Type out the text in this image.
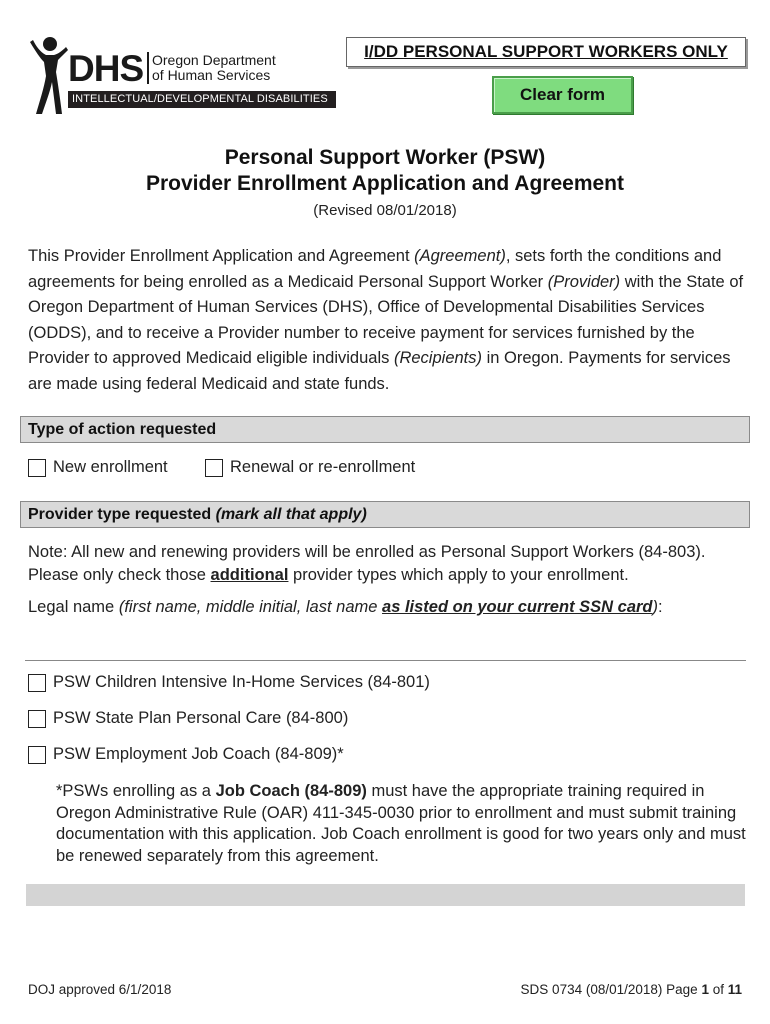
DHS Oregon Department
of Human Services
INTELLECTUAL/DEVELOPMENTAL DISABILITIES
I/DD PERSONAL SUPPORT WORKERS ONLY
Clear form
Personal Support Worker (PSW)
Provider Enrollment Application and Agreement
(Revised 08/01/2018)

This Provider Enrollment Application and Agreement (Agreement), sets forth the conditions and agreements for being enrolled as a Medicaid Personal Support Worker (Provider) with the State of Oregon Department of Human Services (DHS), Office of Developmental Disabilities Services (ODDS), and to receive a Provider number to receive payment for services furnished by the Provider to approved Medicaid eligible individuals (Recipients) in Oregon. Payments for services are made using federal Medicaid and state funds.

Type of action requested
New enrollment	Renewal or re-enrollment
Provider type requested (mark all that apply)

Note: All new and renewing providers will be enrolled as Personal Support Workers (84-803). Please only check those additional provider types which apply to your enrollment.

Legal name (first name, middle initial, last name as listed on your current SSN card):
PSW Children Intensive In-Home Services (84-801)
PSW State Plan Personal Care (84-800)
PSW Employment Job Coach (84-809)*

*PSWs enrolling as a Job Coach (84-809) must have the appropriate training required in Oregon Administrative Rule (OAR) 411-345-0030 prior to enrollment and must submit training documentation with this application. Job Coach enrollment is good for two years only and must be renewed separately from this agreement.

DOJ approved 6/1/2018	SDS 0734 (08/01/2018) Page 1 of 11
